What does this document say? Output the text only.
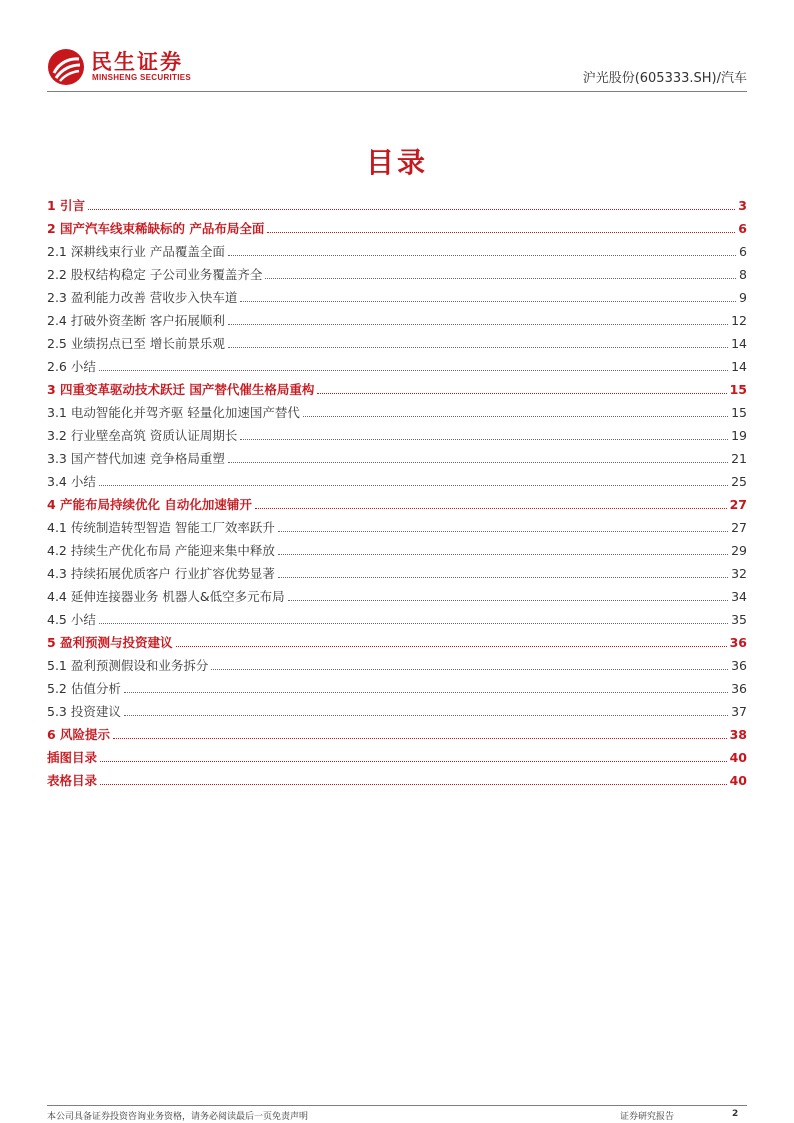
民生证券
MINSHENG SECURITIES	沪光股份(605333.SH)/汽车
目录
1 引言	3
2 国产汽车线束稀缺标的 产品布局全面	6
2.1 深耕线束行业 产品覆盖全面	6
2.2 股权结构稳定 子公司业务覆盖齐全	8
2.3 盈利能力改善 营收步入快车道	9
2.4 打破外资垄断 客户拓展顺利	12
2.5 业绩拐点已至 增长前景乐观	14
2.6 小结	14
3 四重变革驱动技术跃迁 国产替代催生格局重构	15
3.1 电动智能化并驾齐驱 轻量化加速国产替代	15
3.2 行业壁垒高筑 资质认证周期长	19
3.3 国产替代加速 竞争格局重塑	21
3.4 小结	25
4 产能布局持续优化 自动化加速铺开	27
4.1 传统制造转型智造 智能工厂效率跃升	27
4.2 持续生产优化布局 产能迎来集中释放	29
4.3 持续拓展优质客户 行业扩容优势显著	32
4.4 延伸连接器业务 机器人&低空多元布局	34
4.5 小结	35
5 盈利预测与投资建议	36
5.1 盈利预测假设和业务拆分	36
5.2 估值分析	36
5.3 投资建议	37
6 风险提示	38
插图目录	40
表格目录	40
本公司具备证券投资咨询业务资格，请务必阅读最后一页免责声明	证券研究报告	2
